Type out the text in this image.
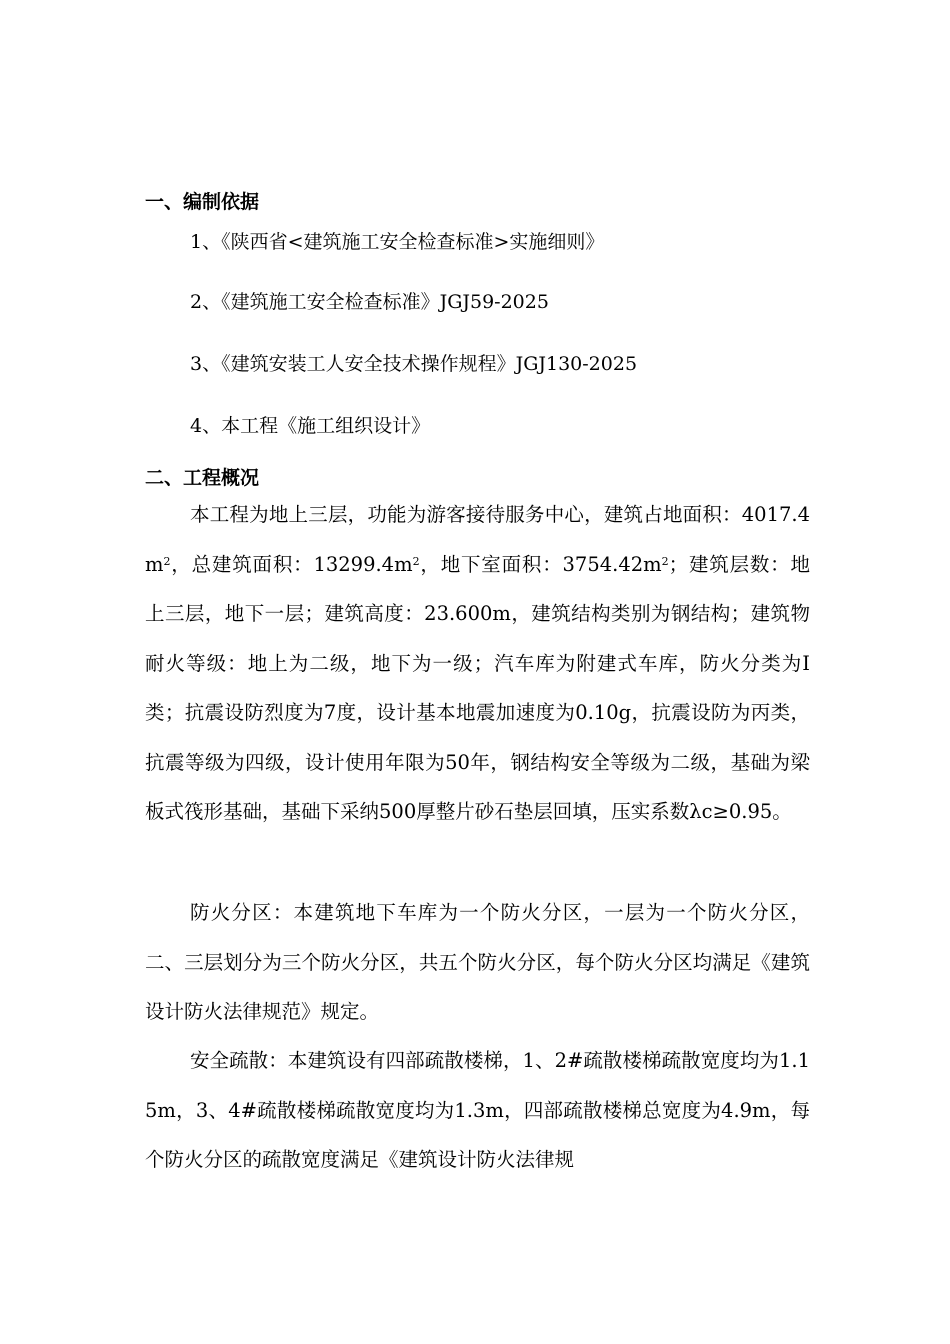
一、编制依据
1、《陕西省<建筑施工安全检查标准>实施细则》
2、《建筑施工安全检查标准》JGJ59-2025
3、《建筑安装工人安全技术操作规程》JGJ130-2025
4、本工程《施工组织设计》
二、工程概况
本工程为地上三层，功能为游客接待服务中心，建筑占地面积：$4017.4m^2$，总建筑面积：$13299.4m^2$，地下室面积：$3754.42m^2$；建筑层数：地上三层，地下一层；建筑高度：23.600m，建筑结构类别为钢结构；建筑物耐火等级：地上为二级，地下为一级；汽车库为附建式车库，防火分类为Ⅰ类；抗震设防烈度为7度，设计基本地震加速度为0.10g，抗震设防为丙类，抗震等级为四级，设计使用年限为50年，钢结构安全等级为二级，基础为梁板式筏形基础，基础下采纳500厚整片砂石垫层回填，压实系数λc≥0.95。
防火分区：本建筑地下车库为一个防火分区，一层为一个防火分区，二、三层划分为三个防火分区，共五个防火分区，每个防火分区均满足《建筑设计防火法律规范》规定。
安全疏散：本建筑设有四部疏散楼梯，1、2#疏散楼梯疏散宽度均为1.15m，3、4#疏散楼梯疏散宽度均为1.3m，四部疏散楼梯总宽度为4.9m，每个防火分区的疏散宽度满足《建筑设计防火法律规
